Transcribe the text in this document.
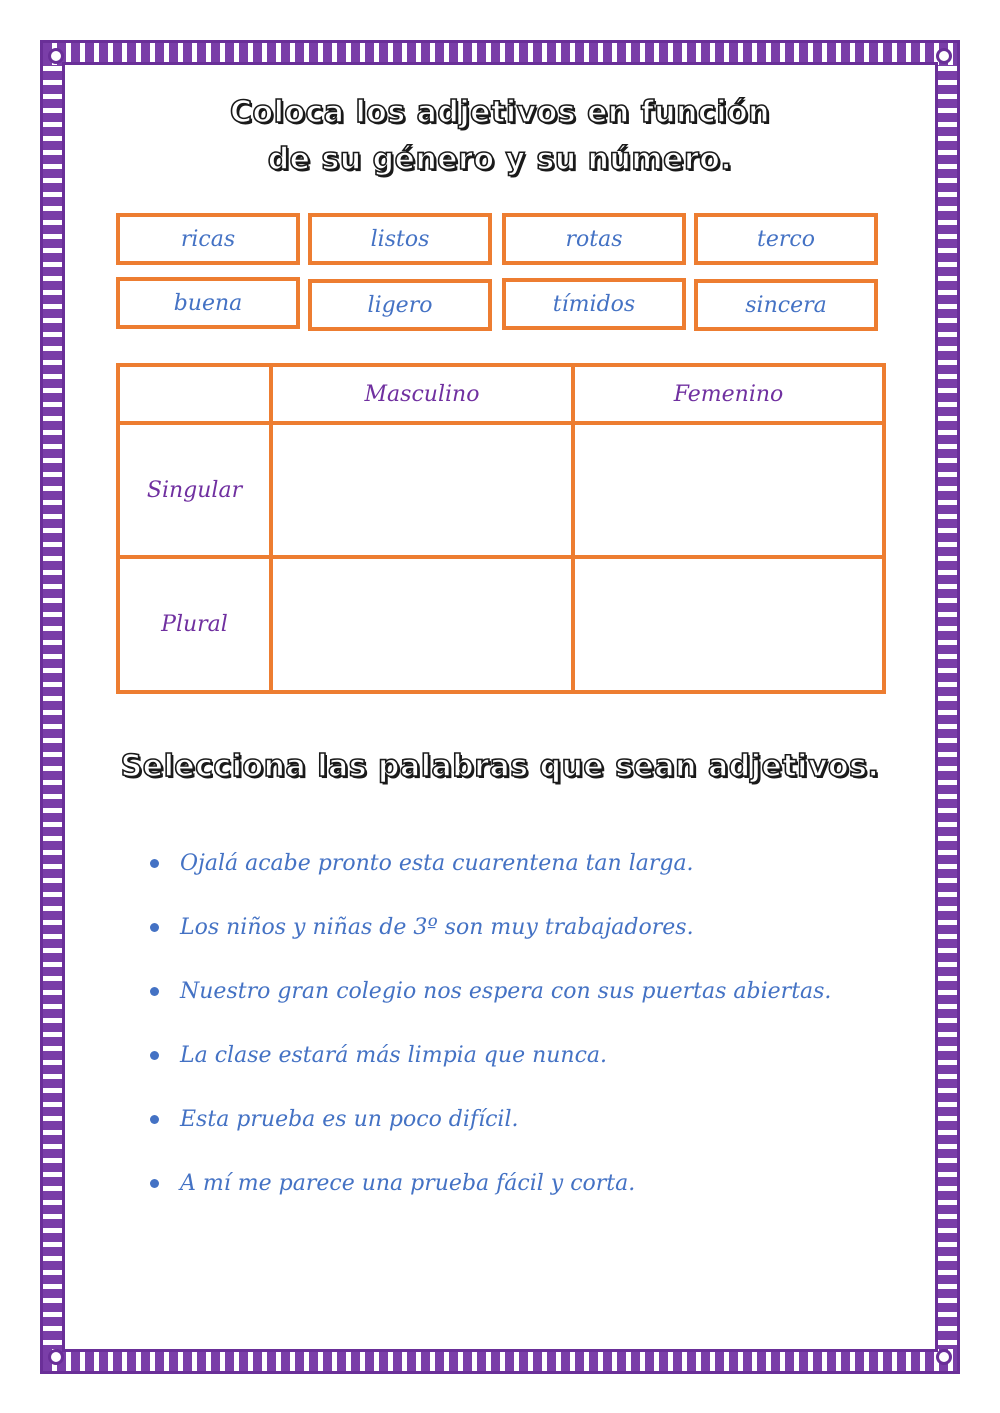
Coloca los adjetivos en función
de su género y su número.
ricas	listos	rotas	terco
buena	ligero	tímidos	sincera
	Masculino	Femenino
Singular		
Plural		
Selecciona las palabras que sean adjetivos.
Ojalá acabe pronto esta cuarentena tan larga.
Los niños y niñas de 3º son muy trabajadores.
Nuestro gran colegio nos espera con sus puertas abiertas.
La clase estará más limpia que nunca.
Esta prueba es un poco difícil.
A mí me parece una prueba fácil y corta.
